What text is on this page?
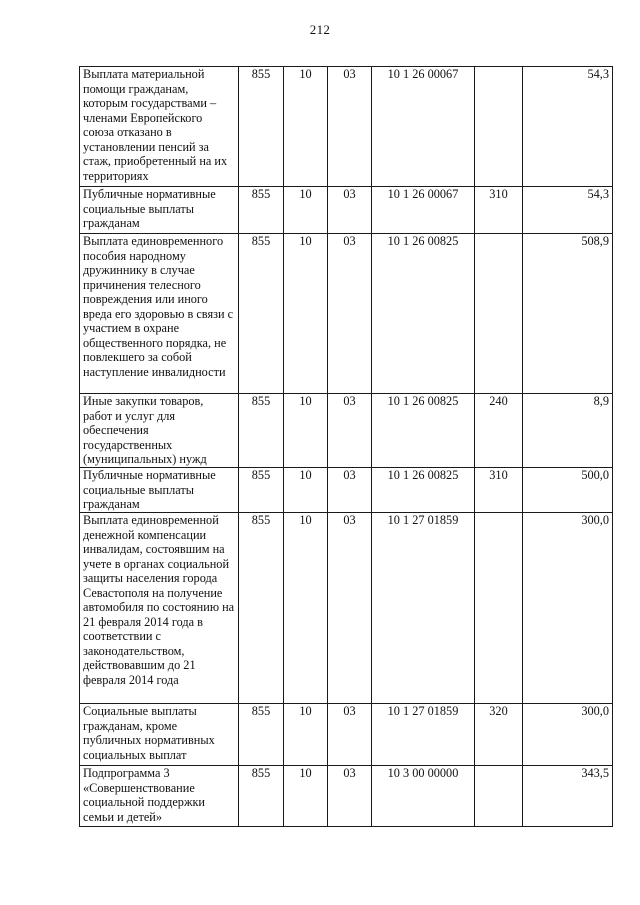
212
Выплата материальной помощи гражданам, которым государствами – членами Европейского союза отказано в установлении пенсий за стаж, приобретенный на их территориях	855	10	03	10 1 26 00067		54,3
Публичные нормативные социальные выплаты гражданам	855	10	03	10 1 26 00067	310	54,3
Выплата единовременного пособия народному дружиннику в случае причинения телесного повреждения или иного вреда его здоровью в связи с участием в охране общественного порядка, не повлекшего за собой наступление инвалидности	855	10	03	10 1 26 00825		508,9
Иные закупки товаров, работ и услуг для обеспечения государственных (муниципальных) нужд	855	10	03	10 1 26 00825	240	8,9
Публичные нормативные социальные выплаты гражданам	855	10	03	10 1 26 00825	310	500,0
Выплата единовременной денежной компенсации инвалидам, состоявшим на учете в органах социальной защиты населения города Севастополя на получение автомобиля по состоянию на 21 февраля 2014 года в соответствии с законодательством, действовавшим до 21 февраля 2014 года	855	10	03	10 1 27 01859		300,0
Социальные выплаты гражданам, кроме публичных нормативных социальных выплат	855	10	03	10 1 27 01859	320	300,0
Подпрограмма 3 «Совершенствование социальной поддержки семьи и детей»	855	10	03	10 3 00 00000		343,5
